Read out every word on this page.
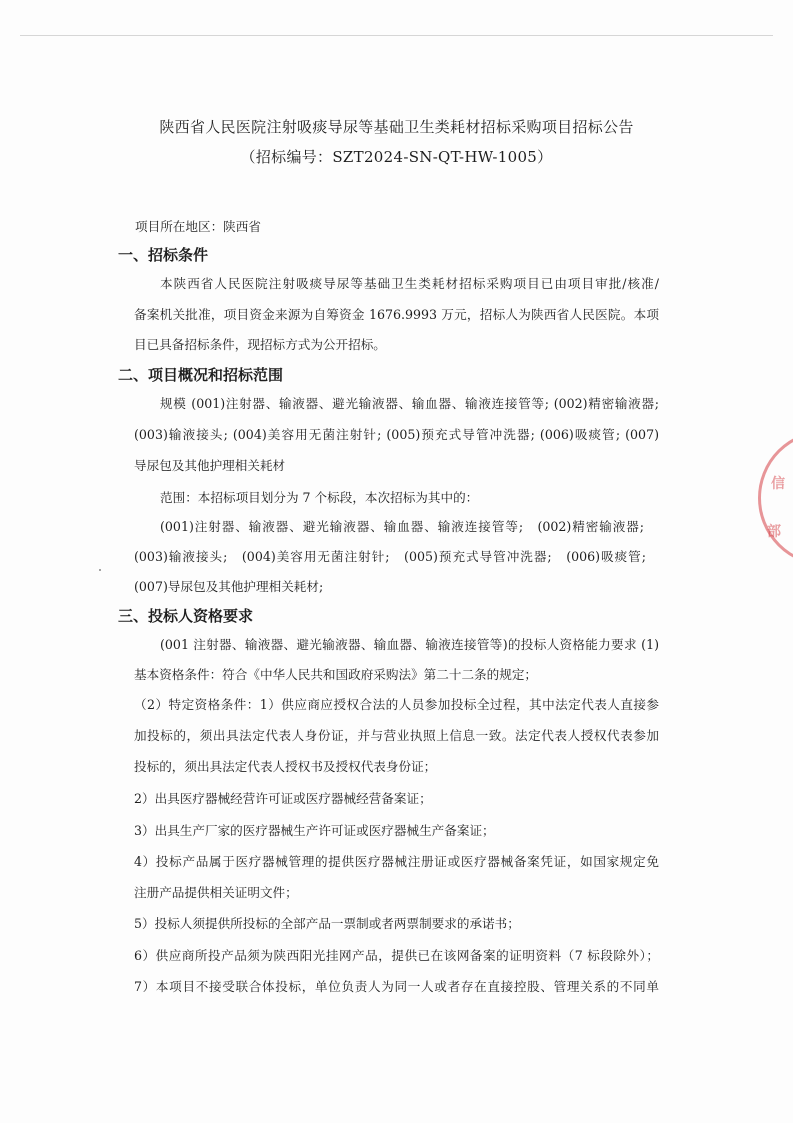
信
部
陕西省人民医院注射吸痰导尿等基础卫生类耗材招标采购项目招标公告
（招标编号：SZT2024-SN-QT-HW-1005）
项目所在地区：陕西省
一、招标条件
本陕西省人民医院注射吸痰导尿等基础卫生类耗材招标采购项目已由项目审批/核准/
备案机关批准，项目资金来源为自筹资金 1676.9993 万元，招标人为陕西省人民医院。本项
目已具备招标条件，现招标方式为公开招标。
二、项目概况和招标范围
规模 (001)注射器、输液器、避光输液器、输血器、输液连接管等; (002)精密输液器;
(003)输液接头; (004)美容用无菌注射针; (005)预充式导管冲洗器; (006)吸痰管; (007)
导尿包及其他护理相关耗材
范围：本招标项目划分为 7 个标段，本次招标为其中的：
(001)注射器、输液器、避光输液器、输血器、输液连接管等;　(002)精密输液器;
(003)输液接头;　(004)美容用无菌注射针;　(005)预充式导管冲洗器;　(006)吸痰管;
(007)导尿包及其他护理相关耗材;
三、投标人资格要求
(001 注射器、输液器、避光输液器、输血器、输液连接管等)的投标人资格能力要求 (1)
基本资格条件：符合《中华人民共和国政府采购法》第二十二条的规定；
（2）特定资格条件：1）供应商应授权合法的人员参加投标全过程，其中法定代表人直接参
加投标的，须出具法定代表人身份证，并与营业执照上信息一致。法定代表人授权代表参加
投标的，须出具法定代表人授权书及授权代表身份证；
2）出具医疗器械经营许可证或医疗器械经营备案证；
3）出具生产厂家的医疗器械生产许可证或医疗器械生产备案证；
4）投标产品属于医疗器械管理的提供医疗器械注册证或医疗器械备案凭证，如国家规定免
注册产品提供相关证明文件；
5）投标人须提供所投标的全部产品一票制或者两票制要求的承诺书；
6）供应商所投产品须为陕西阳光挂网产品，提供已在该网备案的证明资料（7 标段除外）；
7）本项目不接受联合体投标，单位负责人为同一人或者存在直接控股、管理关系的不同单
